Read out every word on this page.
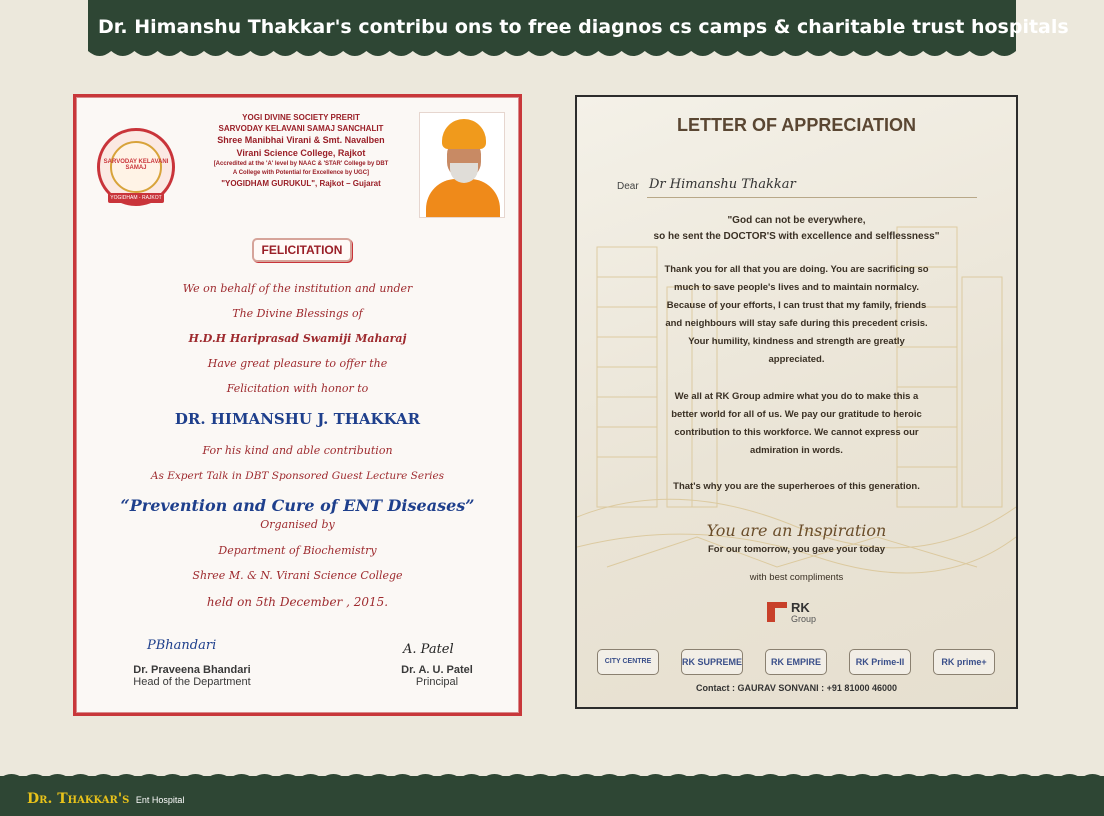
Dr. Himanshu Thakkar's contribu ons to free diagnos cs camps & charitable trust hospitals
SARVODAY KELAVANI SAMAJ
YOGIDHAM - RAJKOT
YOGI DIVINE SOCIETY PRERIT
SARVODAY KELAVANI SAMAJ SANCHALIT
Shree Manibhai Virani & Smt. Navalben
Virani Science College, Rajkot
[Accredited at the 'A' level by NAAC & 'STAR' College by DBT
A College with Potential for Excellence by UGC]
"YOGIDHAM GURUKUL", Rajkot – Gujarat
FELICITATION
We on behalf of the institution and under
The Divine Blessings of
H.D.H Hariprasad Swamiji Maharaj
Have great pleasure to offer the
Felicitation with honor to
DR. HIMANSHU J. THAKKAR
For his kind and able contribution
As Expert Talk in DBT Sponsored Guest Lecture Series
“Prevention and Cure of ENT Diseases”
Organised by
Department of Biochemistry
Shree M. & N. Virani Science College
held on 5th December , 2015.
PBhandari
Dr. Praveena Bhandari
Head of the Department
A. Patel
Dr. A. U. Patel
Principal
LETTER OF APPRECIATION
Dear Dr Himanshu Thakkar
"God can not be everywhere,
so he sent the DOCTOR'S with excellence and selflessness"
Thank you for all that you are doing. You are sacrificing so
much to save people's lives and to maintain normalcy.
Because of your efforts, I can trust that my family, friends
and neighbours will stay safe during this precedent crisis.
Your humility, kindness and strength are greatly
appreciated.
We all at RK Group admire what you do to make this a
better world for all of us. We pay our gratitude to heroic
contribution to this workforce. We cannot express our
admiration in words.
That's why you are the superheroes of this generation.
You are an Inspiration
For our tomorrow, you gave your today
with best compliments
RK
Group
CITY CENTRE	RK SUPREME	RK EMPIRE	RK Prime-II	RK prime+
Contact : GAURAV SONVANI : +91 81000 46000
Dr. Thakkar's Ent Hospital
